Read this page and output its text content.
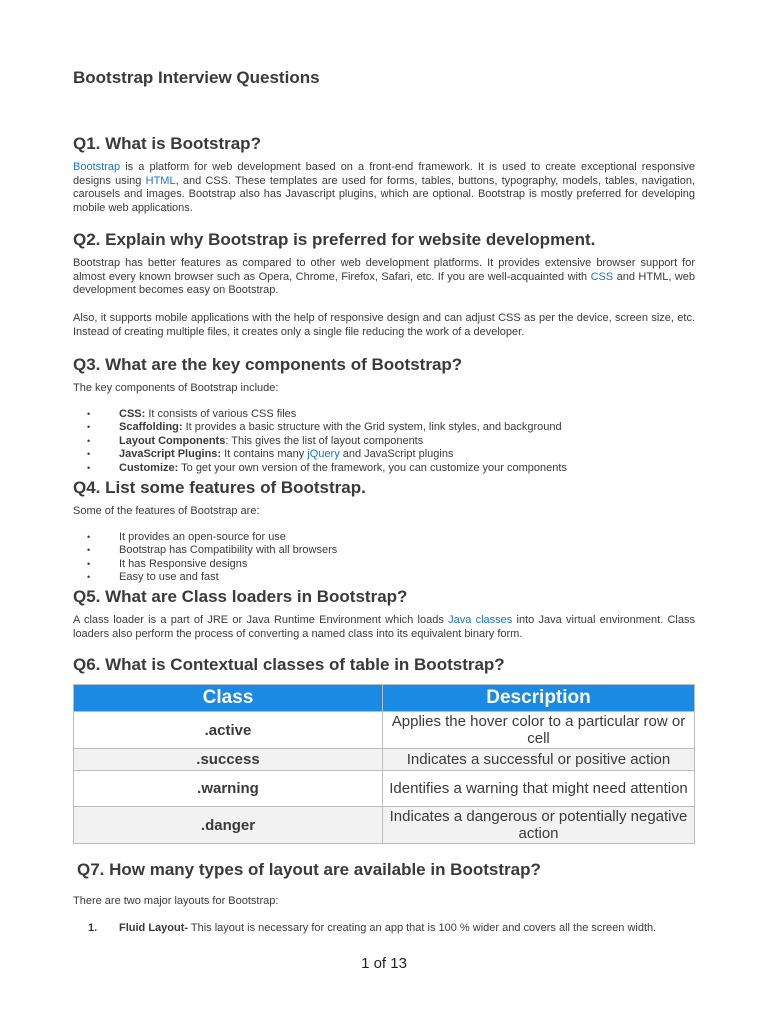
Bootstrap Interview Questions
Q1. What is Bootstrap?
Bootstrap is a platform for web development based on a front-end framework. It is used to create exceptional responsive designs using HTML, and CSS. These templates are used for forms, tables, buttons, typography, models, tables, navigation, carousels and images. Bootstrap also has Javascript plugins, which are optional. Bootstrap is mostly preferred for developing mobile web applications.
Q2. Explain why Bootstrap is preferred for website development.
Bootstrap has better features as compared to other web development platforms. It provides extensive browser support for almost every known browser such as Opera, Chrome, Firefox, Safari, etc. If you are well-acquainted with CSS and HTML, web development becomes easy on Bootstrap.
Also, it supports mobile applications with the help of responsive design and can adjust CSS as per the device, screen size, etc. Instead of creating multiple files, it creates only a single file reducing the work of a developer.
Q3. What are the key components of Bootstrap?
The key components of Bootstrap include:
• CSS: It consists of various CSS files
• Scaffolding: It provides a basic structure with the Grid system, link styles, and background
• Layout Components: This gives the list of layout components
• JavaScript Plugins: It contains many jQuery and JavaScript plugins
• Customize: To get your own version of the framework, you can customize your components
Q4. List some features of Bootstrap.
Some of the features of Bootstrap are:
• It provides an open-source for use
• Bootstrap has Compatibility with all browsers
• It has Responsive designs
• Easy to use and fast
Q5. What are Class loaders in Bootstrap?
A class loader is a part of JRE or Java Runtime Environment which loads Java classes into Java virtual environment. Class loaders also perform the process of converting a named class into its equivalent binary form.
Q6. What is Contextual classes of table in Bootstrap?
Class	Description
.active	Applies the hover color to a particular row or cell
.success	Indicates a successful or positive action
.warning	Identifies a warning that might need attention
.danger	Indicates a dangerous or potentially negative action
Q7. How many types of layout are available in Bootstrap?
There are two major layouts for Bootstrap:
1. Fluid Layout- This layout is necessary for creating an app that is 100 % wider and covers all the screen width.
1 of 13
